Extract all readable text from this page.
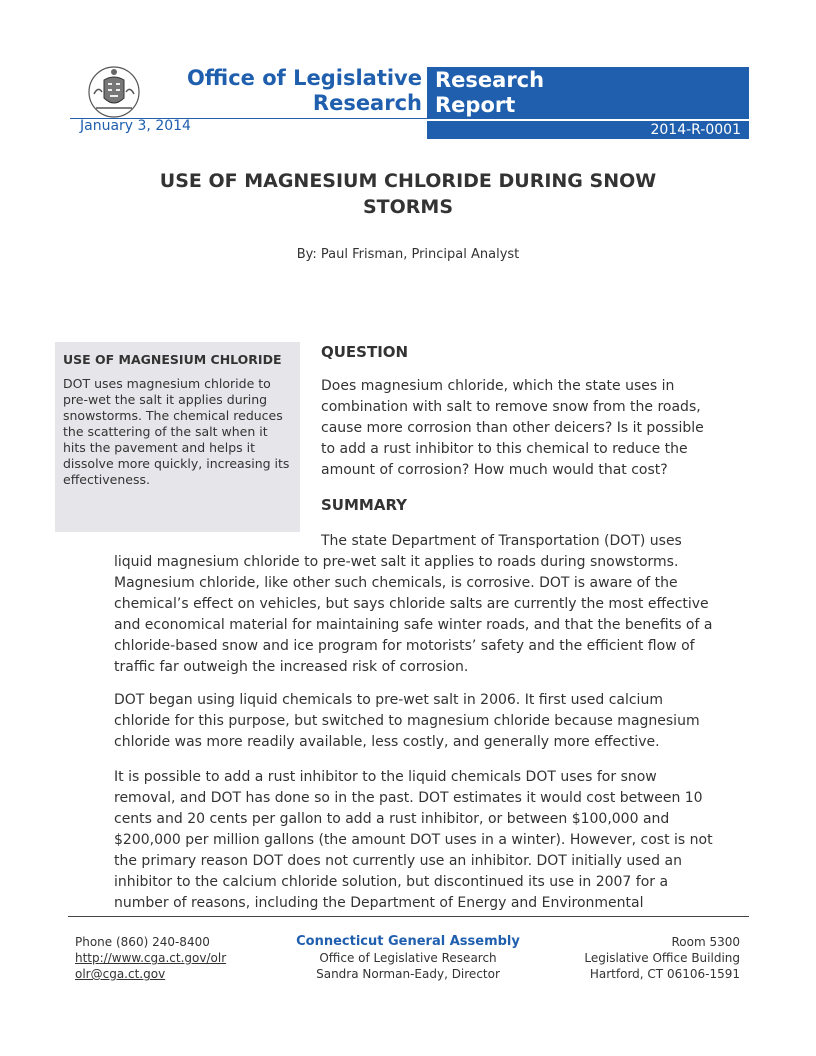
Office of Legislative
Research
Research
Report
January 3, 2014	2014-R-0001
USE OF MAGNESIUM CHLORIDE DURING SNOW
STORMS
By: Paul Frisman, Principal Analyst

USE OF MAGNESIUM CHLORIDE

DOT uses magnesium chloride to pre-wet the salt it applies during snowstorms. The chemical reduces the scattering of the salt when it hits the pavement and helps it dissolve more quickly, increasing its effectiveness.

QUESTION

Does magnesium chloride, which the state uses in combination with salt to remove snow from the roads, cause more corrosion than other deicers? Is it possible to add a rust inhibitor to this chemical to reduce the amount of corrosion? How much would that cost?

SUMMARY

The state Department of Transportation (DOT) uses

liquid magnesium chloride to pre-wet salt it applies to roads during snowstorms. Magnesium chloride, like other such chemicals, is corrosive. DOT is aware of the chemical’s effect on vehicles, but says chloride salts are currently the most effective and economical material for maintaining safe winter roads, and that the benefits of a chloride-based snow and ice program for motorists’ safety and the efficient flow of traffic far outweigh the increased risk of corrosion.

DOT began using liquid chemicals to pre-wet salt in 2006. It first used calcium chloride for this purpose, but switched to magnesium chloride because magnesium chloride was more readily available, less costly, and generally more effective.

It is possible to add a rust inhibitor to the liquid chemicals DOT uses for snow removal, and DOT has done so in the past. DOT estimates it would cost between 10 cents and 20 cents per gallon to add a rust inhibitor, or between $100,000 and $200,000 per million gallons (the amount DOT uses in a winter). However, cost is not the primary reason DOT does not currently use an inhibitor. DOT initially used an inhibitor to the calcium chloride solution, but discontinued its use in 2007 for a number of reasons, including the Department of Energy and Environmental

Phone (860) 240-8400
http://www.cga.ct.gov/olr
olr@cga.ct.gov
Connecticut General Assembly
Office of Legislative Research
Sandra Norman-Eady, Director
Room 5300
Legislative Office Building
Hartford, CT 06106-1591
